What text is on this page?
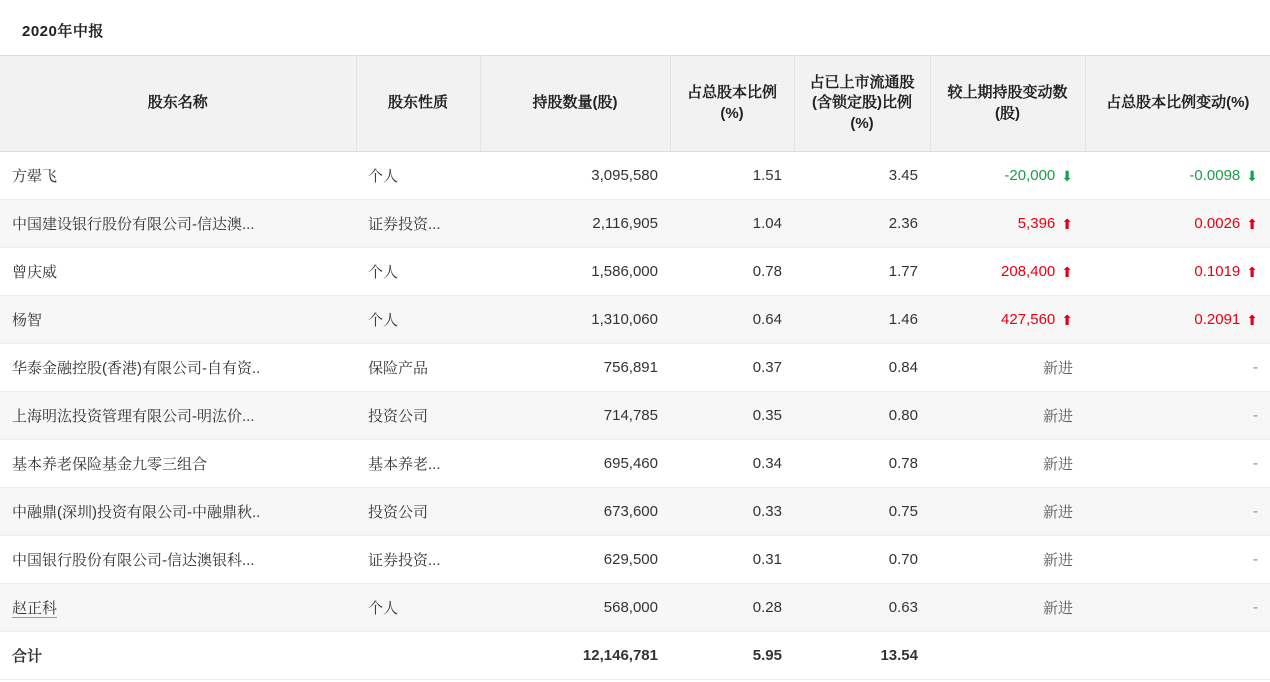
2020年中报
股东名称	股东性质	持股数量(股)	占总股本比例(%)	占已上市流通股(含锁定股)比例(%)	较上期持股变动数(股)	占总股本比例变动(%)
方翚飞	个人	3,095,580	1.51	3.45	-20,000 ⬇	-0.0098 ⬇
中国建设银行股份有限公司-信达澳...	证券投资...	2,116,905	1.04	2.36	5,396 ⬆	0.0026 ⬆
曾庆威	个人	1,586,000	0.78	1.77	208,400 ⬆	0.1019 ⬆
杨智	个人	1,310,060	0.64	1.46	427,560 ⬆	0.2091 ⬆
华泰金融控股(香港)有限公司-自有资..	保险产品	756,891	0.37	0.84	新进	-
上海明汯投资管理有限公司-明汯价...	投资公司	714,785	0.35	0.80	新进	-
基本养老保险基金九零三组合	基本养老...	695,460	0.34	0.78	新进	-
中融鼎(深圳)投资有限公司-中融鼎秋..	投资公司	673,600	0.33	0.75	新进	-
中国银行股份有限公司-信达澳银科...	证券投资...	629,500	0.31	0.70	新进	-
赵正科	个人	568,000	0.28	0.63	新进	-
合计		12,146,781	5.95	13.54		
